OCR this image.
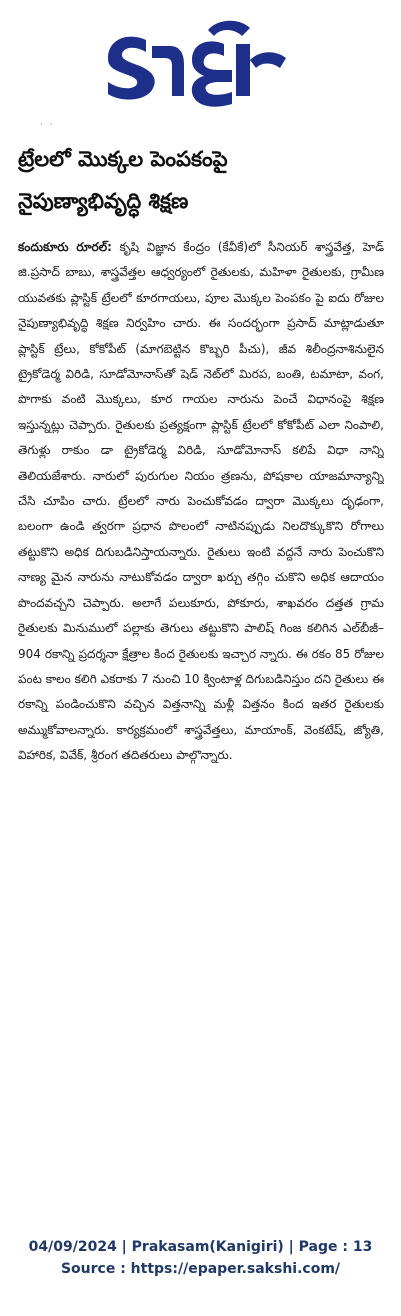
· ·
ట్రేలలో మొక్కల పెంపకంపై
నైపుణ్యాభివృద్ధి శిక్షణ
కందుకూరు రూరల్: కృషి విజ్ఞాన కేంద్రం (కేవీకే)లో సీనియర్ శాస్త్రవేత్త, హెడ్ జి.ప్రసాద్ బాబు, శాస్త్రవేత్తల ఆధ్వర్యంలో రైతులకు, మహిళా రైతులకు, గ్రామీణ యువతకు ప్లాస్టిక్ ట్రేలలో కూరగాయలు, పూల మొక్కల పెంపకం పై ఐదు రోజుల నైపుణ్యాభివృద్ధి శిక్షణ నిర్వహిం చారు. ఈ సందర్భంగా ప్రసాద్ మాట్లాడుతూ ప్లాస్టిక్ ట్రేలు, కోకోపీట్ (మాగబెట్టిన కొబ్బరి పీచు), జీవ శిలీంద్రనాశినులైన ట్రైకోడెర్మ విరిడి, సూడోమోనాస్‌తో షెడ్ నెట్‌లో మిరప, బంతి, టమాటా, వంగ, పొగాకు వంటి మొక్కలు, కూర గాయల నారును పెంచే విధానంపై శిక్షణ ఇస్తున్నట్లు చెప్పారు. రైతులకు ప్రత్యక్షంగా ప్లాస్టిక్ ట్రేలలో కోకోపీట్ ఎలా నింపాలి, తెగుళ్లు రాకుం డా ట్రైకోడెర్మ విరిడి, సూడోమోనాస్ కలిపే విధా నాన్ని తెలియజేశారు. నారులో పురుగుల నియం త్రణను, పోషకాల యాజమాన్యాన్ని చేసి చూపిం చారు. ట్రేలలో నారు పెంచుకోవడం ద్వారా మొక్కలు దృఢంగా, బలంగా ఉండి త్వరగా ప్రధాన పొలంలో నాటినప్పుడు నిలదొక్కుకొని రోగాలు తట్టుకొని అధిక దిగుబడినిస్తాయన్నారు. రైతులు ఇంటి వద్దనే నారు పెంచుకొని నాణ్య మైన నారును నాటుకోవడం ద్వారా ఖర్చు తగ్గిం చుకొని అధిక ఆదాయం పొందవచ్చని చెప్పారు. అలాగే పలుకూరు, పోకూరు, శాఖవరం దత్తత గ్రామ రైతులకు మినుములో పల్లాకు తెగులు తట్టుకొని పాలిష్ గింజ కలిగిన ఎల్‌బీజీ–904 రకాన్ని ప్రదర్శనా క్షేత్రాల కింద రైతులకు ఇచ్చార న్నారు. ఈ రకం 85 రోజుల పంట కాలం కలిగి ఎకరాకు 7 నుంచి 10 క్వింటాళ్ల దిగుబడినిస్తుం దని రైతులు ఈ రకాన్ని పండించుకొని వచ్చిన విత్తనాన్ని మళ్లీ విత్తనం కింద ఇతర రైతులకు అమ్ముకోవాలన్నారు. కార్యక్రమంలో శాస్త్రవేత్తలు, మాయాంక్, వెంకటేష్, జ్యోతి, విహారిక, వివేక్, శ్రీరంగ తదితరులు పాల్గొన్నారు.
04/09/2024 | Prakasam(Kanigiri) | Page : 13
Source : https://epaper.sakshi.com/
